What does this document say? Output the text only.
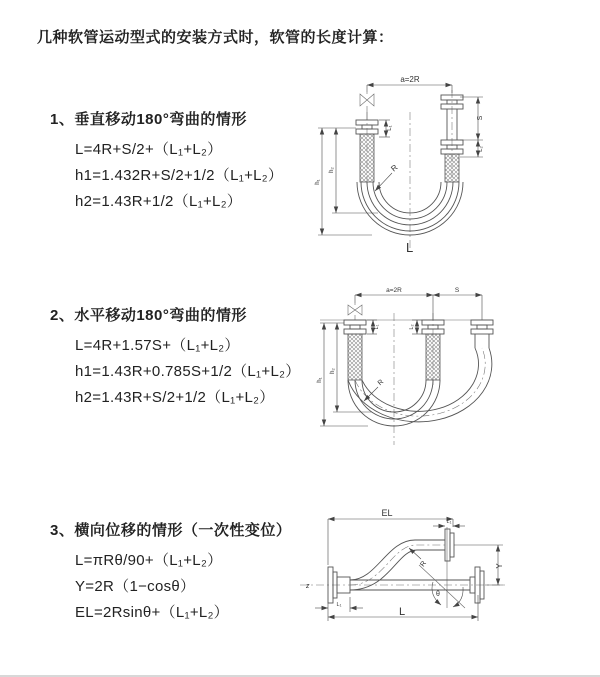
几种软管运动型式的安装方式时，软管的长度计算：
1、垂直移动180°弯曲的情形
L=4R+S/2+（L₁+L₂）
h1=1.432R+S/2+1/2（L₁+L₂）
h2=1.43R+1/2（L₁+L₂）
2、水平移动180°弯曲的情形
L=4R+1.57S+（L₁+L₂）
h1=1.43R+0.785S+1/2（L₁+L₂）
h2=1.43R+S/2+1/2（L₁+L₂）
3、横向位移的情形（一次性变位）
L=πRθ/90+（L₁+L₂）
Y=2R（1−cosθ）
EL=2Rsinθ+（L₁+L₂）
a=2R
L₁
S
L₂
h₁
h₂	R
L
a=2R	S
L₁	L₂
h₁
h₂
R
z
EL
L₁
θ
R	Y
L
L₁
